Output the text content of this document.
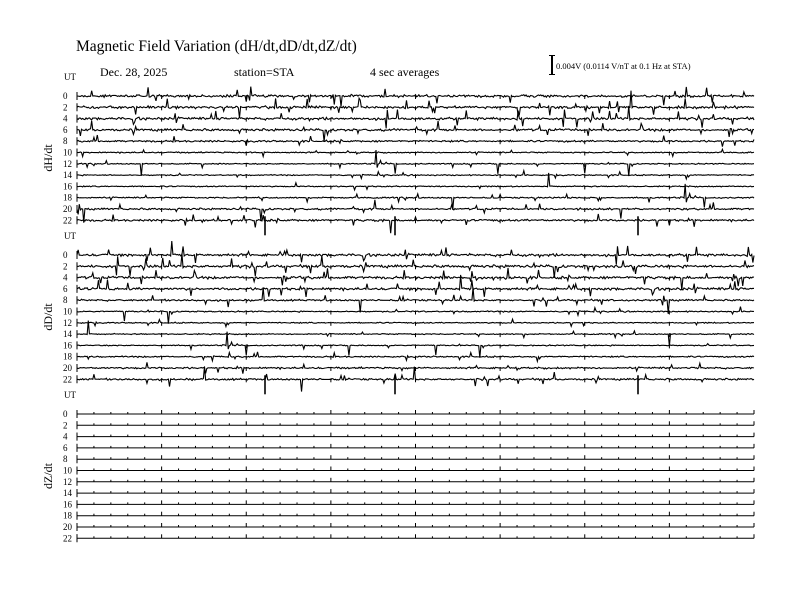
Magnetic Field Variation (dH/dt,dD/dt,dZ/dt)
Dec. 28, 2025	station=STA	4 sec averages	0.004V (0.0114 V/nT at 0.1 Hz at STA)
UT
dH/dt
0
2
4
6
8
10
12
14
16
18
20
22
UT
dD/dt
0
2
4
6
8
10
12
14
16
18
20
22
UT
dZ/dt
0
2
4
6
8
10
12
14
16
18
20
22
